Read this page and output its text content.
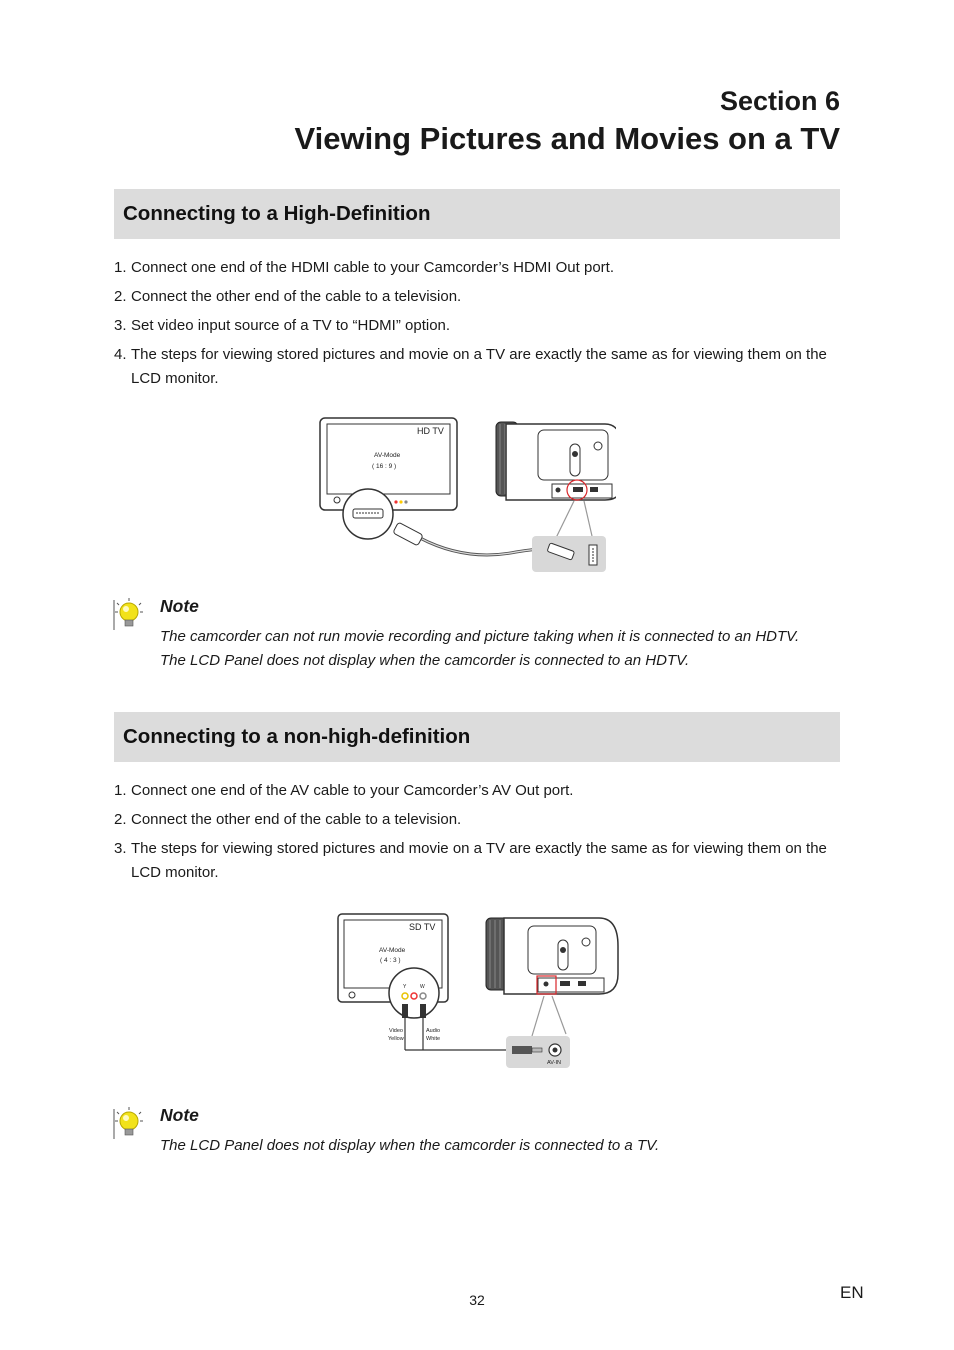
Section 6
Viewing Pictures and Movies on a TV
Connecting to a High-Definition
1. Connect one end of the HDMI cable to your Camcorder’s HDMI Out port.
2. Connect the other end of the cable to a television.
3. Set video input source of a TV to “HDMI” option.
4. The steps for viewing stored pictures and movie on a TV are exactly the same as for viewing them on the LCD monitor.
HD TV
AV-Mode
( 16 : 9 )
Note
The camcorder can not run movie recording and picture taking when it is connected to an HDTV. The LCD Panel does not display when the camcorder is connected to an HDTV.
Connecting to a non-high-definition
1. Connect one end of the AV cable to your Camcorder’s AV Out port.
2. Connect the other end of the cable to a television.
3. The steps for viewing stored pictures and movie on a TV are exactly the same as for viewing them on the LCD monitor.
SD TV
AV-Mode
( 4 : 3 )
Y	W
Video
Yellow
Audio
White
AV-IN
Note
The LCD Panel does not display when the camcorder is connected to a TV.
32	EN
